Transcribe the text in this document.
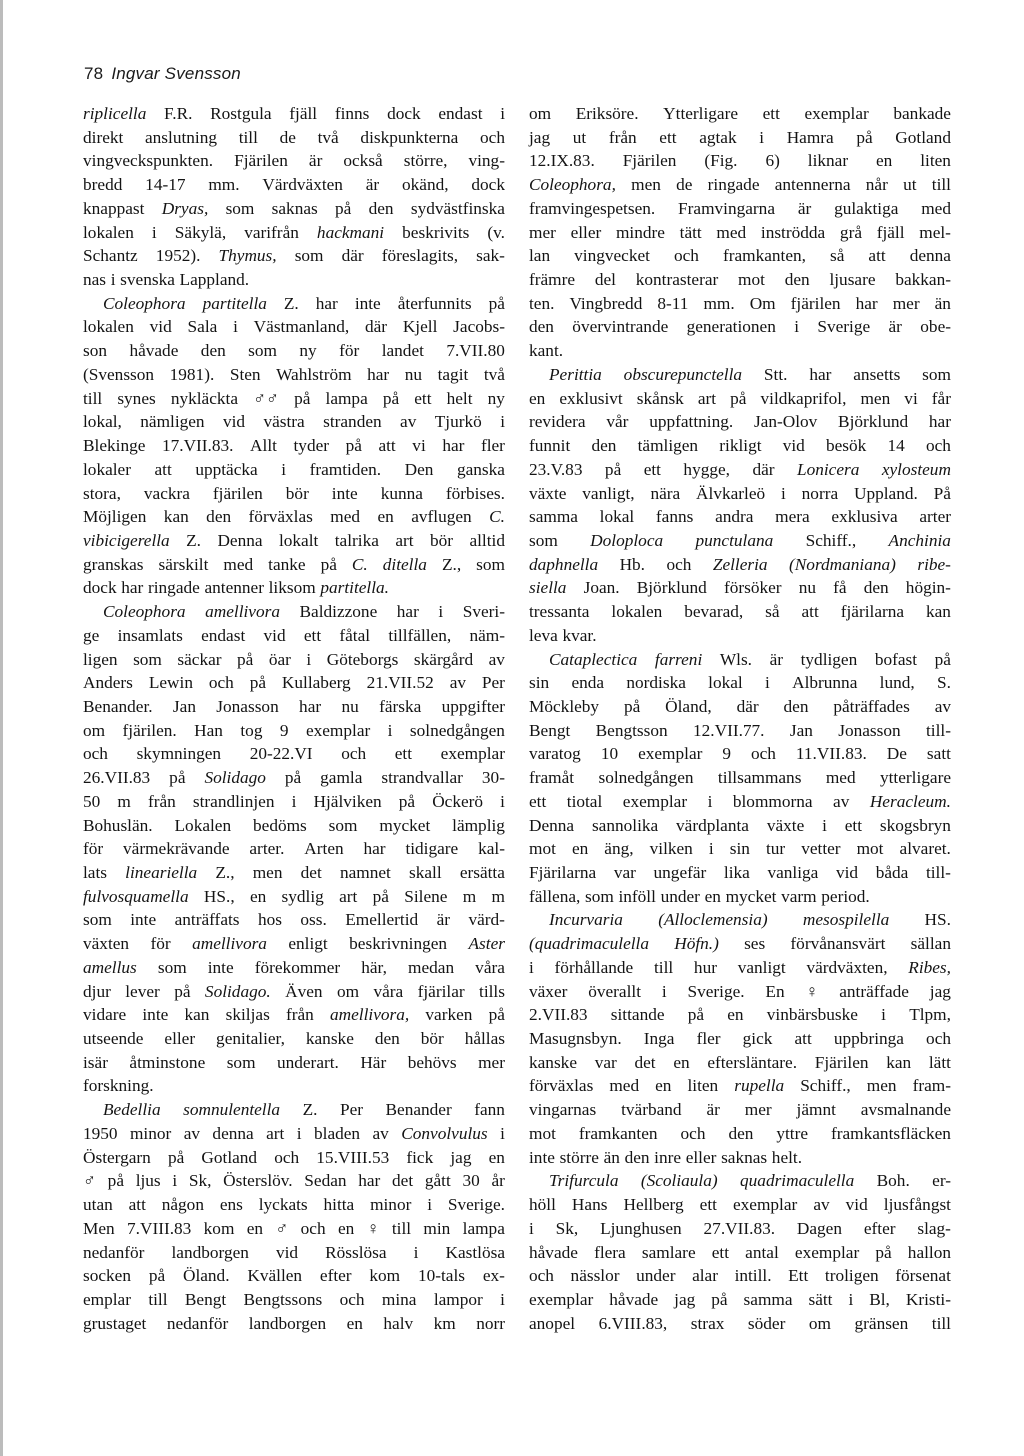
78 Ingvar Svensson
riplicella F.R. Rostgula fjäll finns dock endast i
direkt anslutning till de två diskpunkterna och
vingveckspunkten. Fjärilen är också större, ving-
bredd 14-17 mm. Värdväxten är okänd, dock
knappast Dryas, som saknas på den sydvästfinska
lokalen i Säkylä, varifrån hackmani beskrivits (v.
Schantz 1952). Thymus, som där föreslagits, sak-
nas i svenska Lappland.
Coleophora partitella Z. har inte återfunnits på
lokalen vid Sala i Västmanland, där Kjell Jacobs-
son håvade den som ny för landet 7.VII.80
(Svensson 1981). Sten Wahlström har nu tagit två
till synes nykläckta ♂♂ på lampa på ett helt ny
lokal, nämligen vid västra stranden av Tjurkö i
Blekinge 17.VII.83. Allt tyder på att vi har fler
lokaler att upptäcka i framtiden. Den ganska
stora, vackra fjärilen bör inte kunna förbises.
Möjligen kan den förväxlas med en avflugen C.
vibicigerella Z. Denna lokalt talrika art bör alltid
granskas särskilt med tanke på C. ditella Z., som
dock har ringade antenner liksom partitella.
Coleophora amellivora Baldizzone har i Sveri-
ge insamlats endast vid ett fåtal tillfällen, näm-
ligen som säckar på öar i Göteborgs skärgård av
Anders Lewin och på Kullaberg 21.VII.52 av Per
Benander. Jan Jonasson har nu färska uppgifter
om fjärilen. Han tog 9 exemplar i solnedgången
och skymningen 20-22.VI och ett exemplar
26.VII.83 på Solidago på gamla strandvallar 30-
50 m från strandlinjen i Hjälviken på Öckerö i
Bohuslän. Lokalen bedöms som mycket lämplig
för värmekrävande arter. Arten har tidigare kal-
lats lineariella Z., men det namnet skall ersätta
fulvosquamella HS., en sydlig art på Silene m m
som inte anträffats hos oss. Emellertid är värd-
växten för amellivora enligt beskrivningen Aster
amellus som inte förekommer här, medan våra
djur lever på Solidago. Även om våra fjärilar tills
vidare inte kan skiljas från amellivora, varken på
utseende eller genitalier, kanske den bör hållas
isär åtminstone som underart. Här behövs mer
forskning.
Bedellia somnulentella Z. Per Benander fann
1950 minor av denna art i bladen av Convolvulus i
Östergarn på Gotland och 15.VIII.53 fick jag en
♂ på ljus i Sk, Österslöv. Sedan har det gått 30 år
utan att någon ens lyckats hitta minor i Sverige.
Men 7.VIII.83 kom en ♂ och en ♀ till min lampa
nedanför landborgen vid Rösslösa i Kastlösa
socken på Öland. Kvällen efter kom 10-tals ex-
emplar till Bengt Bengtssons och mina lampor i
grustaget nedanför landborgen en halv km norr
om Eriksöre. Ytterligare ett exemplar bankade
jag ut från ett agtak i Hamra på Gotland
12.IX.83. Fjärilen (Fig. 6) liknar en liten
Coleophora, men de ringade antennerna når ut till
framvingespetsen. Framvingarna är gulaktiga med
mer eller mindre tätt med inströdda grå fjäll mel-
lan vingvecket och framkanten, så att denna
främre del kontrasterar mot den ljusare bakkan-
ten. Vingbredd 8-11 mm. Om fjärilen har mer än
den övervintrande generationen i Sverige är obe-
kant.
Perittia obscurepunctella Stt. har ansetts som
en exklusivt skånsk art på vildkaprifol, men vi får
revidera vår uppfattning. Jan-Olov Björklund har
funnit den tämligen rikligt vid besök 14 och
23.V.83 på ett hygge, där Lonicera xylosteum
växte vanligt, nära Älvkarleö i norra Uppland. På
samma lokal fanns andra mera exklusiva arter
som Doloploca punctulana Schiff., Anchinia
daphnella Hb. och Zelleria (Nordmaniana) ribe-
siella Joan. Björklund försöker nu få den högin-
tressanta lokalen bevarad, så att fjärilarna kan
leva kvar.
Cataplectica farreni Wls. är tydligen bofast på
sin enda nordiska lokal i Albrunna lund, S.
Möckleby på Öland, där den påträffades av
Bengt Bengtsson 12.VII.77. Jan Jonasson till-
varatog 10 exemplar 9 och 11.VII.83. De satt
framåt solnedgången tillsammans med ytterligare
ett tiotal exemplar i blommorna av Heracleum.
Denna sannolika värdplanta växte i ett skogsbryn
mot en äng, vilken i sin tur vetter mot alvaret.
Fjärilarna var ungefär lika vanliga vid båda till-
fällena, som inföll under en mycket varm period.
Incurvaria (Alloclemensia) mesospilella HS.
(quadrimaculella Höfn.) ses förvånansvärt sällan
i förhållande till hur vanligt värdväxten, Ribes,
växer överallt i Sverige. En ♀ anträffade jag
2.VII.83 sittande på en vinbärsbuske i Tlpm,
Masugnsbyn. Inga fler gick att uppbringa och
kanske var det en eftersläntare. Fjärilen kan lätt
förväxlas med en liten rupella Schiff., men fram-
vingarnas tvärband är mer jämnt avsmalnande
mot framkanten och den yttre framkantsfläcken
inte större än den inre eller saknas helt.
Trifurcula (Scoliaula) quadrimaculella Boh. er-
höll Hans Hellberg ett exemplar av vid ljusfångst
i Sk, Ljunghusen 27.VII.83. Dagen efter slag-
håvade flera samlare ett antal exemplar på hallon
och nässlor under alar intill. Ett troligen försenat
exemplar håvade jag på samma sätt i Bl, Kristi-
anopel 6.VIII.83, strax söder om gränsen till
